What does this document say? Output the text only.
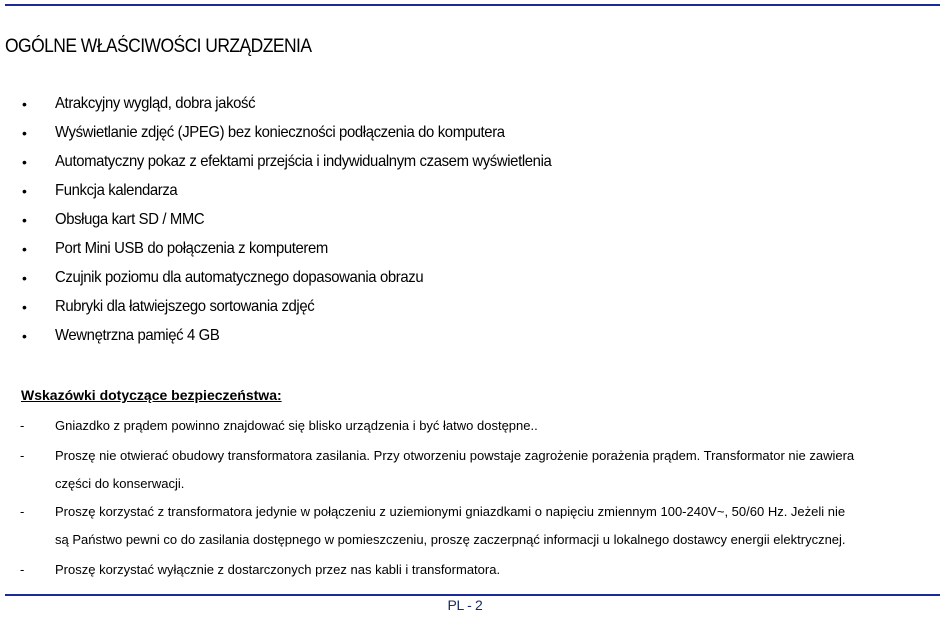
OGÓLNE WŁAŚCIWOŚCI URZĄDZENIA
• Atrakcyjny wygląd, dobra jakość
• Wyświetlanie zdjęć (JPEG) bez konieczności podłączenia do komputera
• Automatyczny pokaz z efektami przejścia i indywidualnym czasem wyświetlenia
• Funkcja kalendarza
• Obsługa kart SD / MMC
• Port Mini USB do połączenia z komputerem
• Czujnik poziomu dla automatycznego dopasowania obrazu
• Rubryki dla łatwiejszego sortowania zdjęć
• Wewnętrzna pamięć 4 GB
Wskazówki dotyczące bezpieczeństwa:
- Gniazdko z prądem powinno znajdować się blisko urządzenia i być łatwo dostępne..
- Proszę nie otwierać obudowy transformatora zasilania. Przy otworzeniu powstaje zagrożenie porażenia prądem. Transformator nie zawiera
części do konserwacji.
- Proszę korzystać z transformatora jedynie w połączeniu z uziemionymi gniazdkami o napięciu zmiennym 100-240V~, 50/60 Hz. Jeżeli nie
są Państwo pewni co do zasilania dostępnego w pomieszczeniu, proszę zaczerpnąć informacji u lokalnego dostawcy energii elektrycznej.
- Proszę korzystać wyłącznie z dostarczonych przez nas kabli i transformatora.
PL - 2
